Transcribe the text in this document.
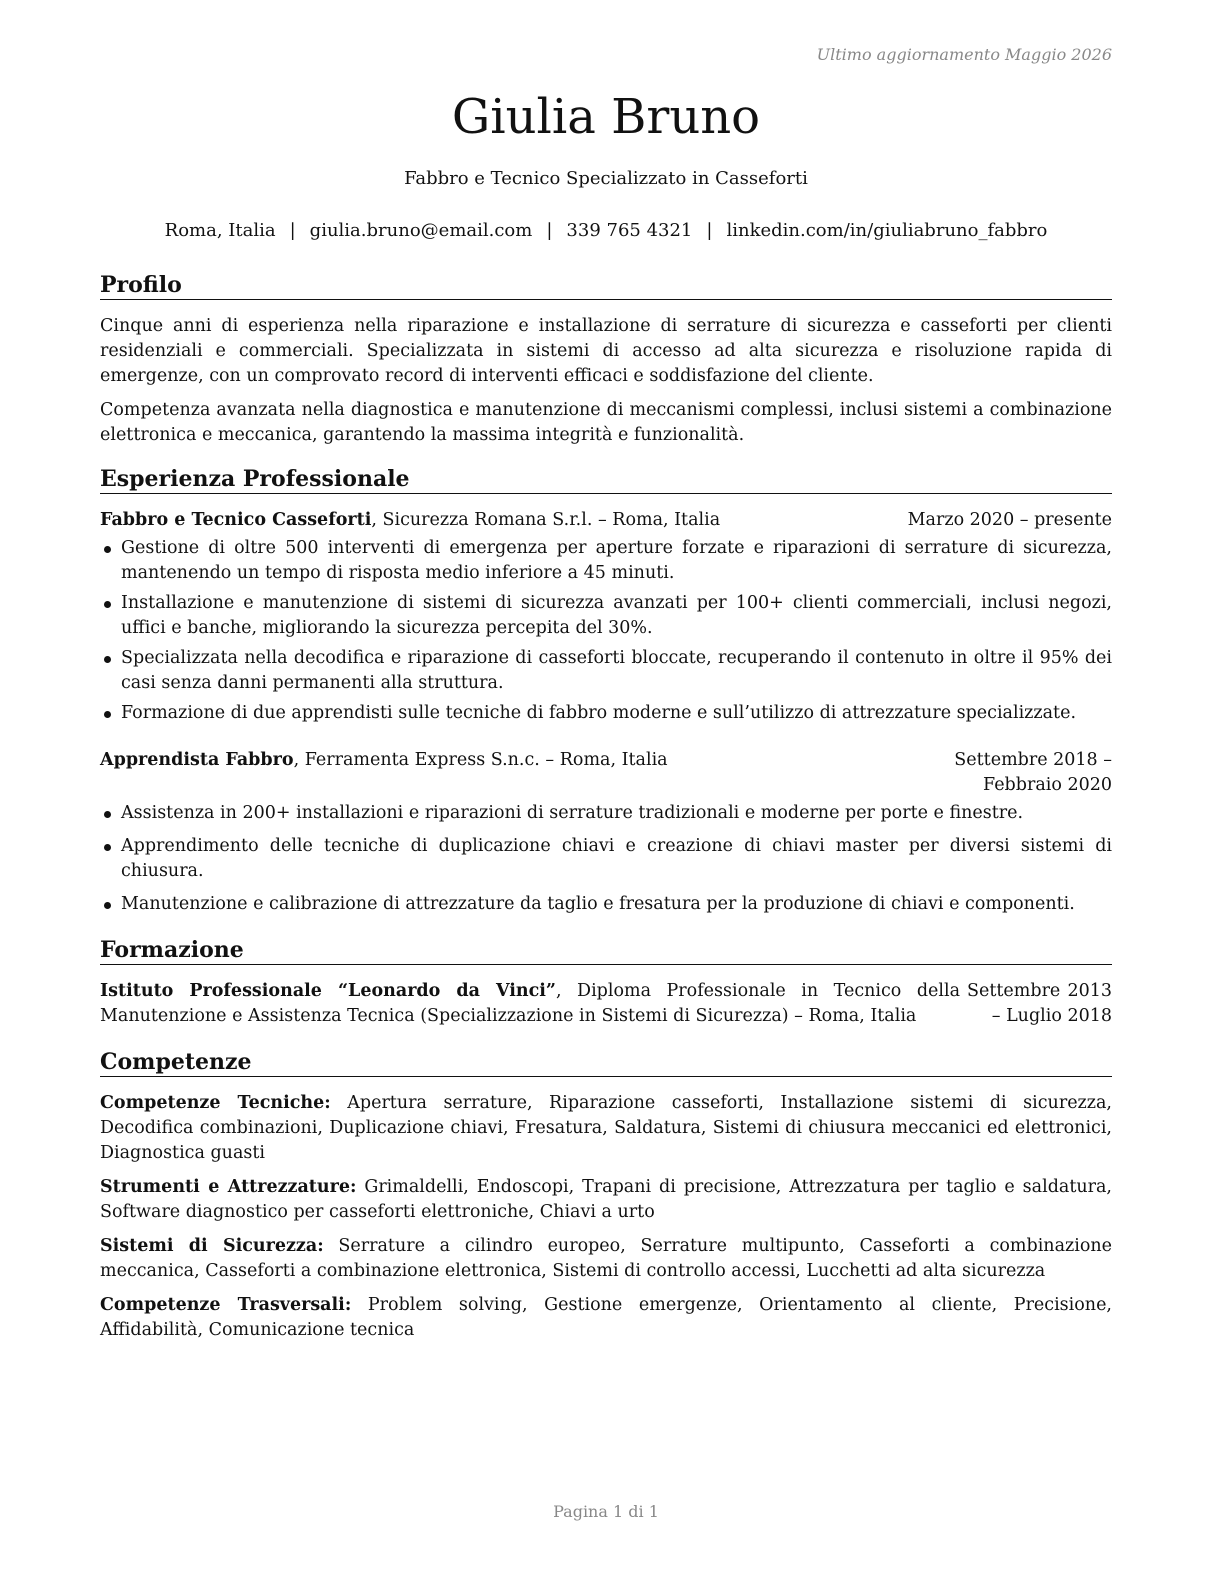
Ultimo aggiornamento Maggio 2026
Giulia Bruno
Fabbro e Tecnico Specializzato in Casseforti
Roma, Italia | giulia.bruno@email.com | 339 765 4321 | linkedin.com/in/giuliabruno_fabbro
Profilo

Cinque anni di esperienza nella riparazione e installazione di serrature di sicurezza e casseforti per clienti residenziali e commerciali. Specializzata in sistemi di accesso ad alta sicurezza e risoluzione rapida di emergenze, con un comprovato record di interventi efficaci e soddisfazione del cliente.

Competenza avanzata nella diagnostica e manutenzione di meccanismi complessi, inclusi sistemi a combinazione elettronica e meccanica, garantendo la massima integrità e funzionalità.

Esperienza Professionale
Fabbro e Tecnico Casseforti, Sicurezza Romana S.r.l. – Roma, Italia	Marzo 2020 – presente
Gestione di oltre 500 interventi di emergenza per aperture forzate e riparazioni di serrature di sicurezza, mantenendo un tempo di risposta medio inferiore a 45 minuti.
Installazione e manutenzione di sistemi di sicurezza avanzati per 100+ clienti commerciali, inclusi negozi, uffici e banche, migliorando la sicurezza percepita del 30%.
Specializzata nella decodifica e riparazione di casseforti bloccate, recuperando il contenuto in oltre il 95% dei casi senza danni permanenti alla struttura.
Formazione di due apprendisti sulle tecniche di fabbro moderne e sull’utilizzo di attrezzature specializzate.
Apprendista Fabbro, Ferramenta Express S.n.c. – Roma, Italia	Settembre 2018 – Febbraio 2020
Assistenza in 200+ installazioni e riparazioni di serrature tradizionali e moderne per porte e finestre.
Apprendimento delle tecniche di duplicazione chiavi e creazione di chiavi master per diversi sistemi di chiusura.
Manutenzione e calibrazione di attrezzature da taglio e fresatura per la produzione di chiavi e componenti.
Formazione
Istituto Professionale “Leonardo da Vinci”, Diploma Professionale in Tecnico della Manutenzione e Assistenza Tecnica (Specializzazione in Sistemi di Sicurezza) – Roma, Italia
Settembre 2013 – Luglio 2018
Competenze
Competenze Tecniche: Apertura serrature, Riparazione casseforti, Installazione sistemi di sicurezza, Decodifica combinazioni, Duplicazione chiavi, Fresatura, Saldatura, Sistemi di chiusura meccanici ed elettronici, Diagnostica guasti
Strumenti e Attrezzature: Grimaldelli, Endoscopi, Trapani di precisione, Attrezzatura per taglio e saldatura, Software diagnostico per casseforti elettroniche, Chiavi a urto
Sistemi di Sicurezza: Serrature a cilindro europeo, Serrature multipunto, Casseforti a combinazione meccanica, Casseforti a combinazione elettronica, Sistemi di controllo accessi, Lucchetti ad alta sicurezza
Competenze Trasversali: Problem solving, Gestione emergenze, Orientamento al cliente, Precisione, Affidabilità, Comunicazione tecnica
Pagina 1 di 1
